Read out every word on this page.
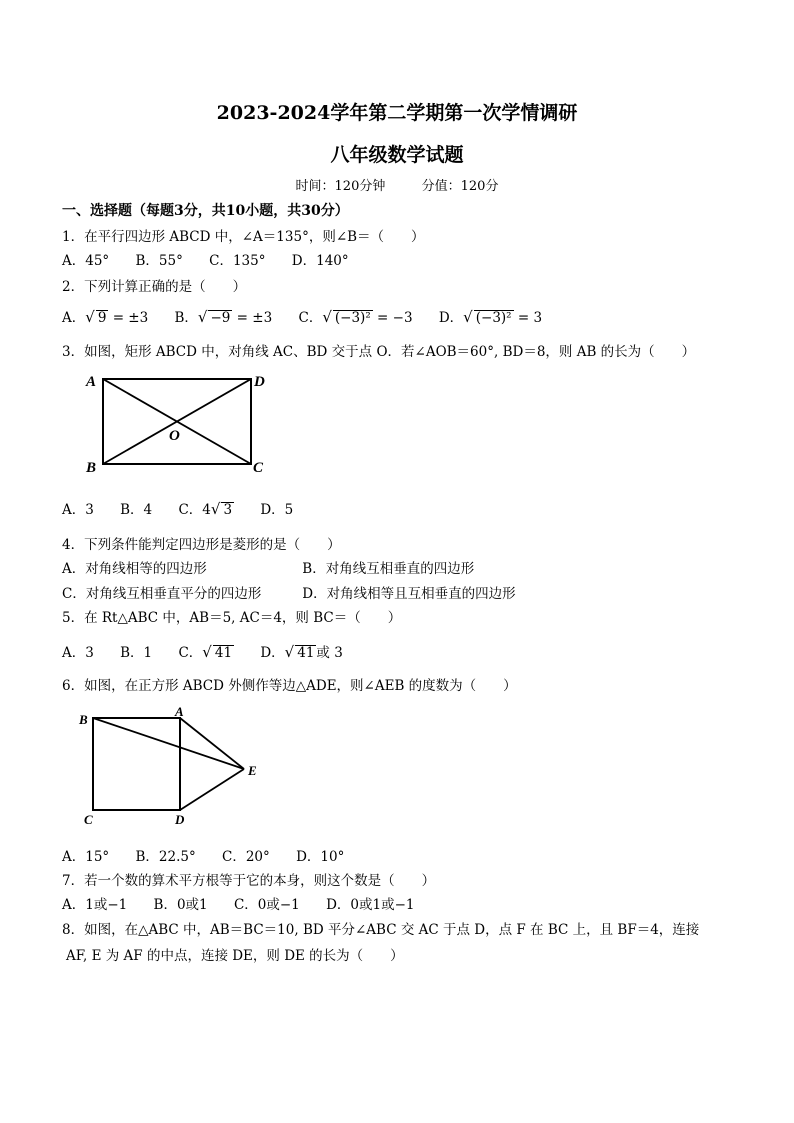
2023-2024学年第二学期第一次学情调研
八年级数学试题
时间：120分钟	分值：120分
一、选择题（每题3分，共10小题，共30分）
1．在平行四边形 ABCD 中，∠A＝135°，则∠B＝（　　）
A．45° B．55° C．135° D．140°
2．下列计算正确的是（　　）
A．√ 9 = ±3 B．√ −9 = ±3 C．√ (−3)² = −3 D．√ (−3)² = 3
3．如图，矩形 ABCD 中，对角线 AC、BD 交于点 O．若∠AOB＝60°, BD＝8，则 AB 的长为（　　）
A	D
B	C
O
A．3 B．4 C．4√ 3 D．5
4．下列条件能判定四边形是菱形的是（　　）
A．对角线相等的四边形	B．对角线互相垂直的四边形
C．对角线互相垂直平分的四边形	D．对角线相等且互相垂直的四边形
5．在 Rt△ABC 中，AB＝5, AC＝4，则 BC＝（　　）
A．3 B．1 C．√ 41 D．√ 41 或 3
6．如图，在正方形 ABCD 外侧作等边△ADE，则∠AEB 的度数为（　　）
B
A
E
C	D
A．15° B．22.5° C．20° D．10°
7．若一个数的算术平方根等于它的本身，则这个数是（　　）
A．1或−1 B．0或1 C．0或−1 D．0或1或−1
8．如图，在△ABC 中，AB＝BC＝10, BD 平分∠ABC 交 AC 于点 D，点 F 在 BC 上，且 BF＝4，连接
AF, E 为 AF 的中点，连接 DE，则 DE 的长为（　　）
